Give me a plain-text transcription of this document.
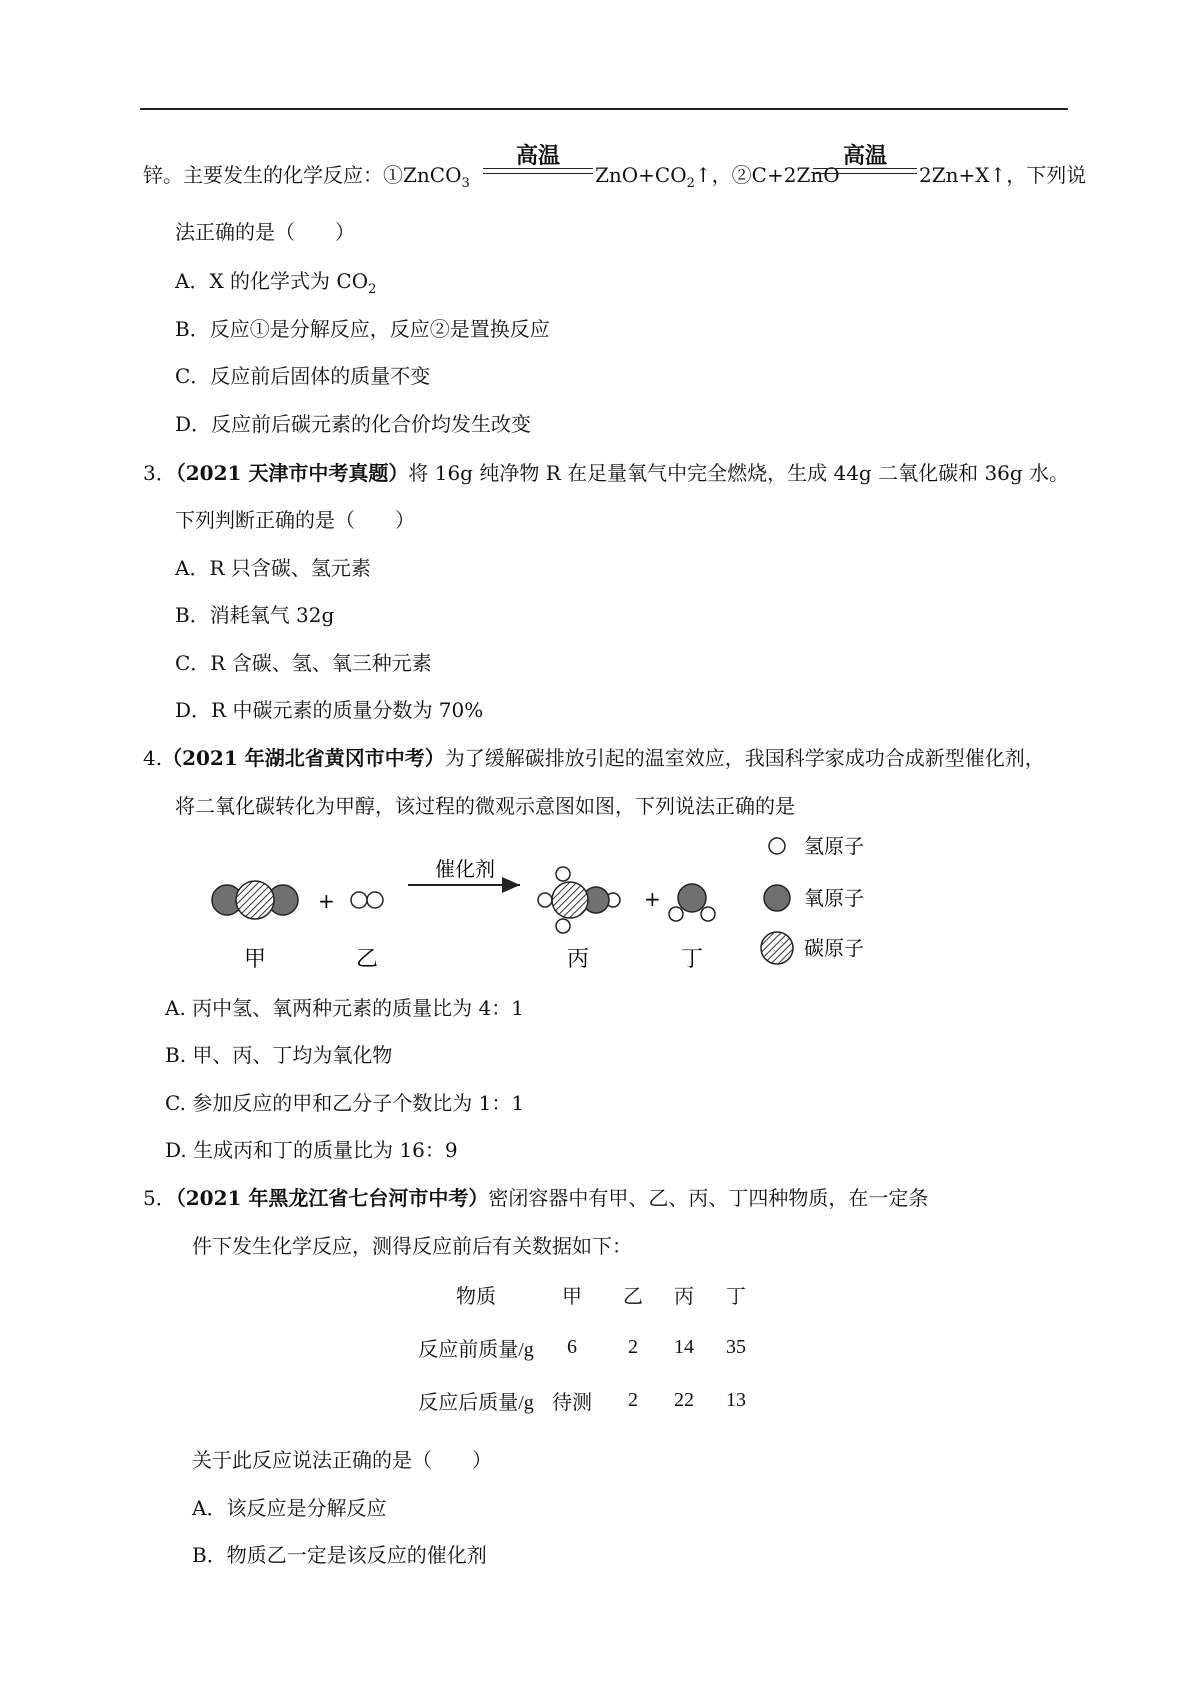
锌。主要发生的化学反应：①ZnCO$_3$
高温
$ZnO+CO_2↑$，②C+2ZnO
高温
2Zn+X↑，下列说
法正确的是（　　）
A．X 的化学式为 $CO_2$
B．反应①是分解反应，反应②是置换反应
C．反应前后固体的质量不变
D．反应前后碳元素的化合价均发生改变
3．（2021 天津市中考真题）将 16g 纯净物 R 在足量氧气中完全燃烧，生成 44g 二氧化碳和 36g 水。
下列判断正确的是（　　）
A．R 只含碳、氢元素
B．消耗氧气 32g
C．R 含碳、氢、氧三种元素
D．R 中碳元素的质量分数为 70%
4.（2021 年湖北省黄冈市中考）为了缓解碳排放引起的温室效应，我国科学家成功合成新型催化剂，
将二氧化碳转化为甲醇，该过程的微观示意图如图，下列说法正确的是
+
催化剂
+
甲	乙	丙	丁
氢原子
氧原子
碳原子
A. 丙中氢、氧两种元素的质量比为 4：1
B. 甲、丙、丁均为氧化物
C. 参加反应的甲和乙分子个数比为 1：1
D. 生成丙和丁的质量比为 16：9
5．（2021 年黑龙江省七台河市中考）密闭容器中有甲、乙、丙、丁四种物质，在一定条
件下发生化学反应，测得反应前后有关数据如下：
物质	甲	乙	丙	丁
反应前质量/g	6	2	14	35
反应后质量/g	待测	2	22	13
关于此反应说法正确的是（　　）
A．该反应是分解反应
B．物质乙一定是该反应的催化剂
